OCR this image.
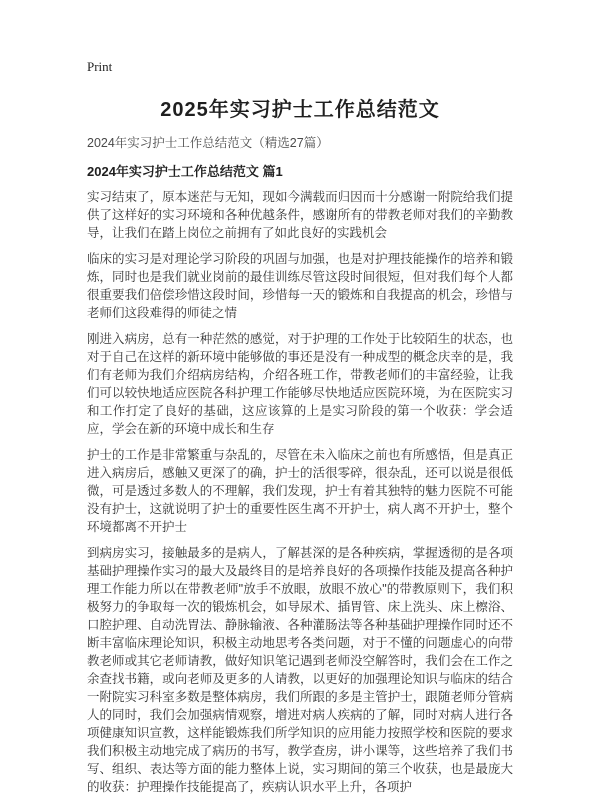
Print
2025年实习护士工作总结范文
2024年实习护士工作总结范文（精选27篇）
2024年实习护士工作总结范文 篇1

实习结束了，原本迷茫与无知，现如今满载而归因而十分感谢一附院给我们提供了这样好的实习环境和各种优越条件，感谢所有的带教老师对我们的辛勤教导，让我们在踏上岗位之前拥有了如此良好的实践机会

临床的实习是对理论学习阶段的巩固与加强，也是对护理技能操作的培养和锻炼，同时也是我们就业岗前的最佳训练尽管这段时间很短，但对我们每个人都很重要我们倍偿珍惜这段时间，珍惜每一天的锻炼和自我提高的机会，珍惜与老师们这段难得的师徒之情

刚进入病房，总有一种茫然的感觉，对于护理的工作处于比较陌生的状态，也对于自己在这样的新环境中能够做的事还是没有一种成型的概念庆幸的是，我们有老师为我们介绍病房结构，介绍各班工作，带教老师们的丰富经验，让我们可以较快地适应医院各科护理工作能够尽快地适应医院环境，为在医院实习和工作打定了良好的基础，这应该算的上是实习阶段的第一个收获：学会适应，学会在新的环境中成长和生存

护士的工作是非常繁重与杂乱的，尽管在未入临床之前也有所感悟，但是真正进入病房后，感触又更深了的确，护士的活很零碎，很杂乱，还可以说是很低微，可是透过多数人的不理解，我们发现，护士有着其独特的魅力医院不可能没有护士，这就说明了护士的重要性医生离不开护士，病人离不开护士，整个环境都离不开护士

到病房实习，接触最多的是病人，了解甚深的是各种疾病，掌握透彻的是各项基础护理操作实习的最大及最终目的是培养良好的各项操作技能及提高各种护理工作能力所以在带教老师"放手不放眼，放眼不放心"的带教原则下，我们积极努力的争取每一次的锻炼机会，如导尿术、插胃管、床上洗头、床上檫浴、口腔护理、自动洗胃法、静脉输液、各种灌肠法等各种基础护理操作同时还不断丰富临床理论知识，积极主动地思考各类问题，对于不懂的问题虚心的向带教老师或其它老师请教，做好知识笔记遇到老师没空解答时，我们会在工作之余查找书籍，或向老师及更多的人请教，以更好的加强理论知识与临床的结合一附院实习科室多数是整体病房，我们所跟的多是主管护士，跟随老师分管病人的同时，我们会加强病情观察，增进对病人疾病的了解，同时对病人进行各项健康知识宣教，这样能锻炼我们所学知识的应用能力按照学校和医院的要求我们积极主动地完成了病历的书写，教学查房，讲小课等，这些培养了我们书写、组织、表达等方面的能力整体上说，实习期间的第三个收获，也是最庞大的收获：护理操作技能提高了，疾病认识水平上升，各项护
